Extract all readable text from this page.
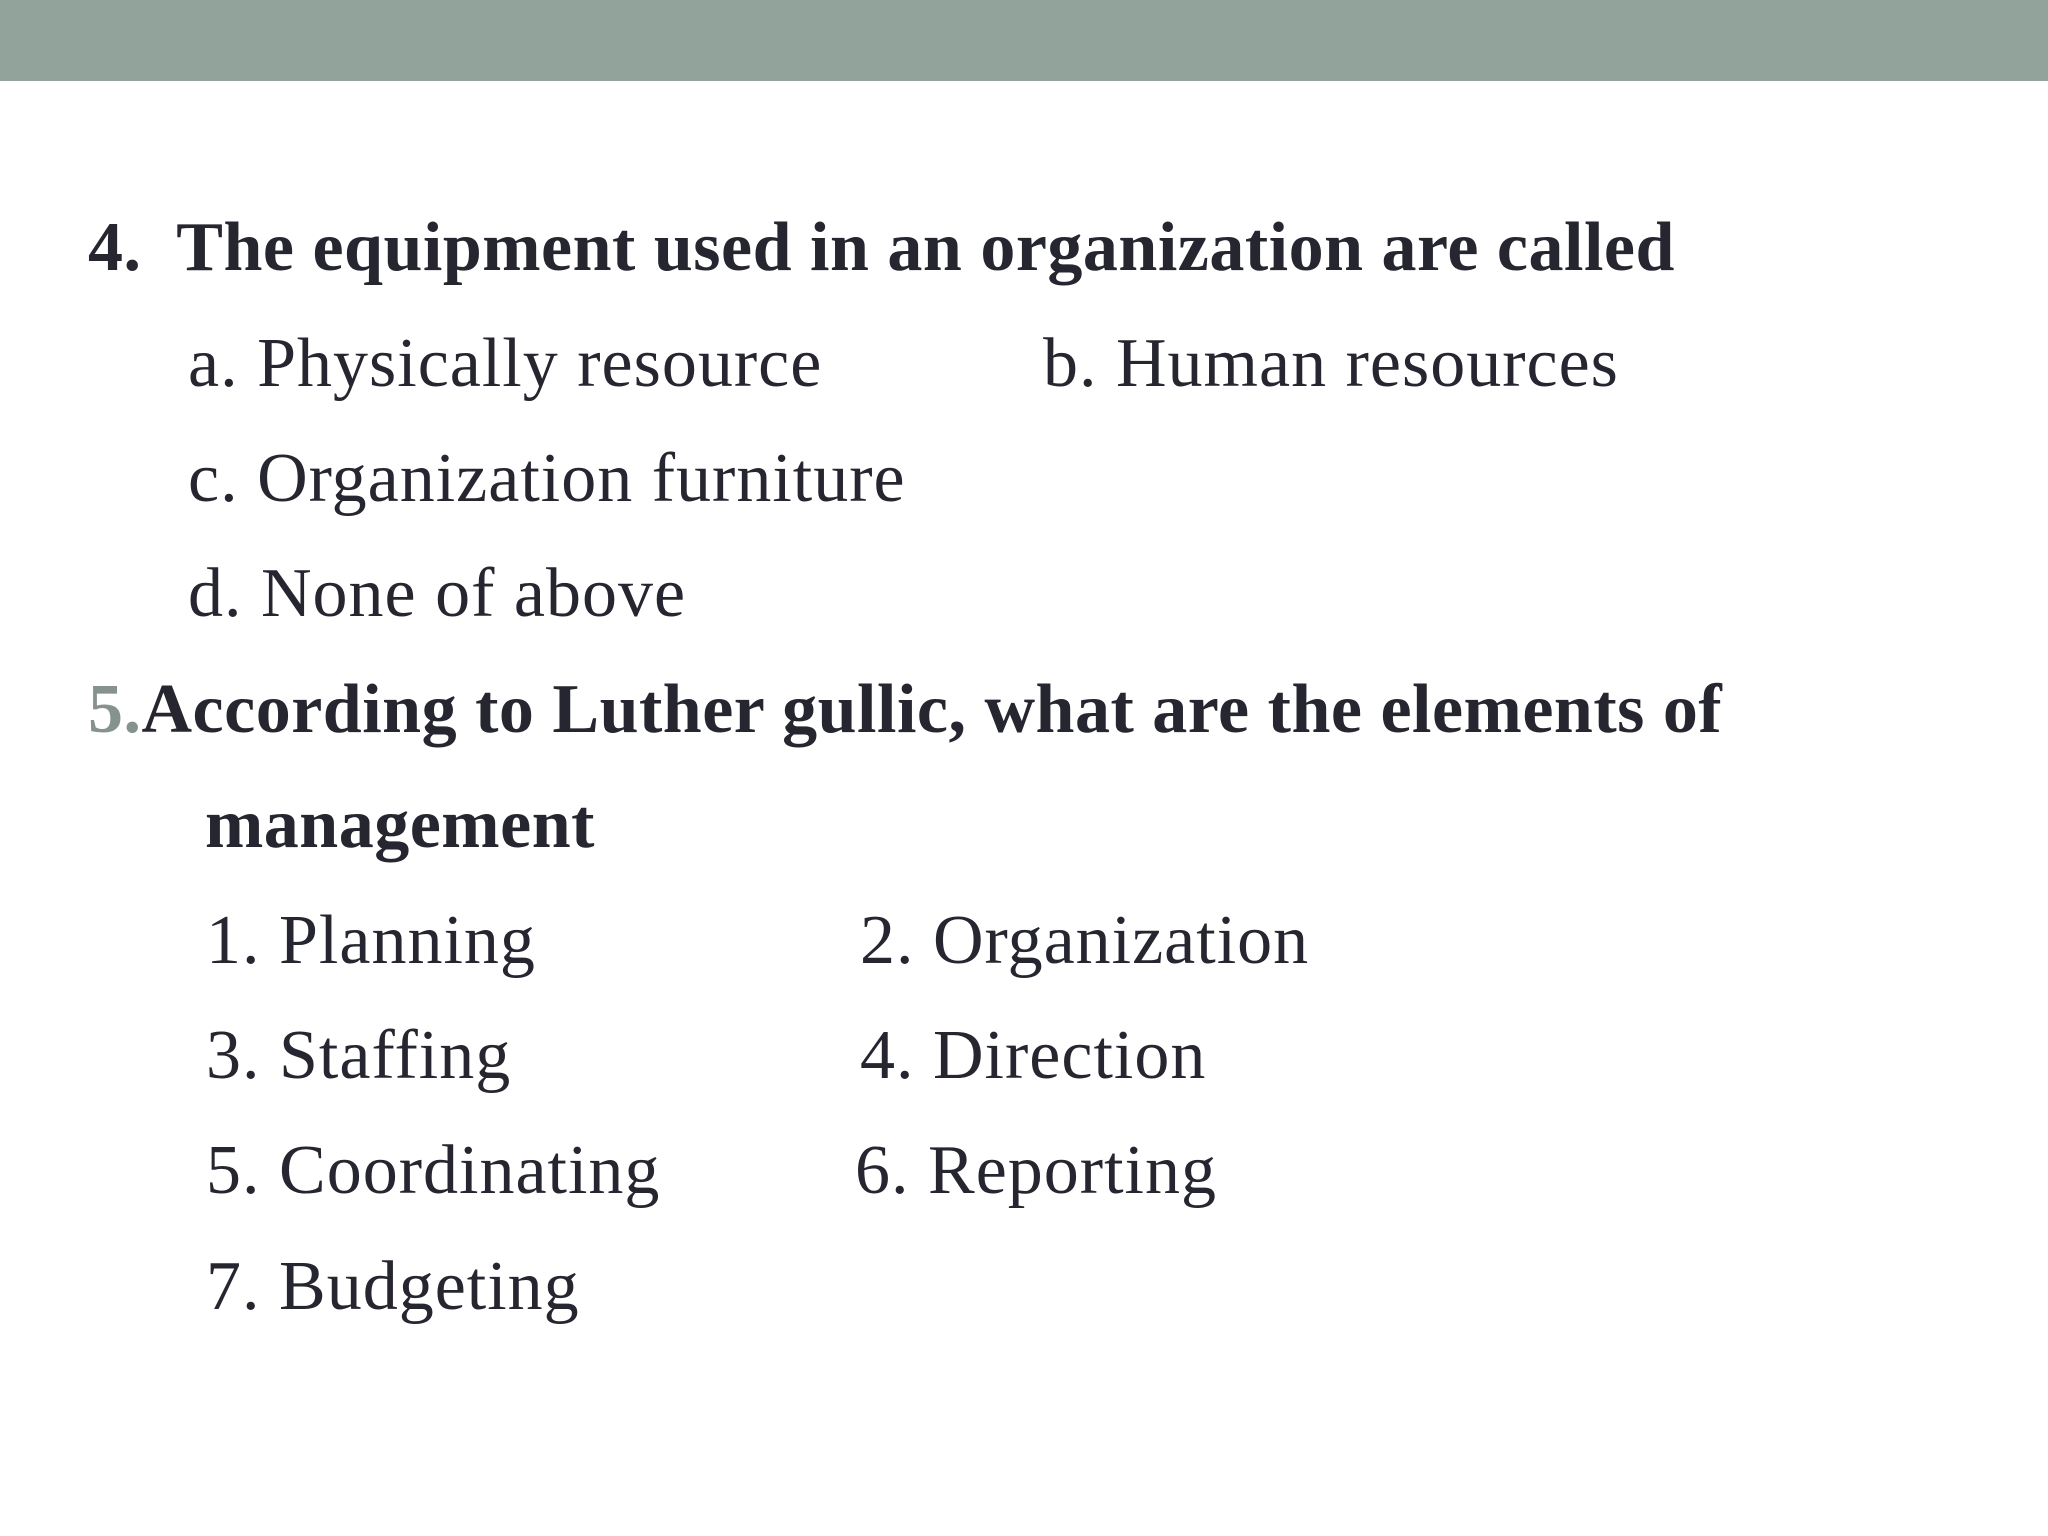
4. The equipment used in an organization are called
a. Physically resource	b. Human resources
c. Organization furniture
d. None of above
5.According to Luther gullic, what are the elements of
management
1. Planning	2. Organization
3. Staffing	4. Direction
5. Coordinating	6. Reporting
7. Budgeting
